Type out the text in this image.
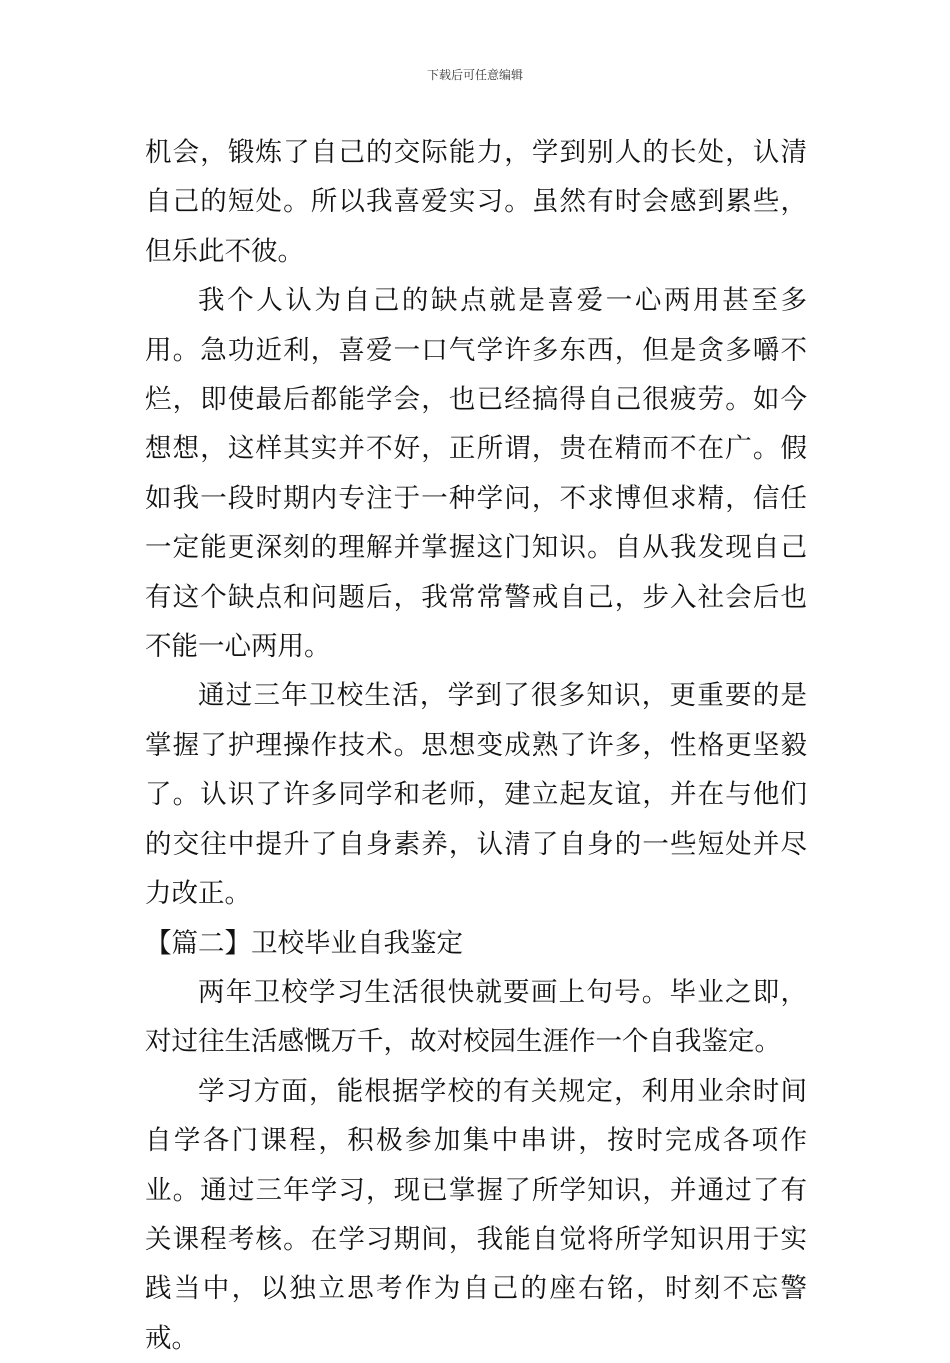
下载后可任意编辑

机会，锻炼了自己的交际能力，学到别人的长处，认清自己的短处。所以我喜爱实习。虽然有时会感到累些，但乐此不彼。

我个人认为自己的缺点就是喜爱一心两用甚至多用。急功近利，喜爱一口气学许多东西，但是贪多嚼不烂，即使最后都能学会，也已经搞得自己很疲劳。如今想想，这样其实并不好，正所谓，贵在精而不在广。假如我一段时期内专注于一种学问，不求博但求精，信任一定能更深刻的理解并掌握这门知识。自从我发现自己有这个缺点和问题后，我常常警戒自己，步入社会后也不能一心两用。

通过三年卫校生活，学到了很多知识，更重要的是掌握了护理操作技术。思想变成熟了许多，性格更坚毅了。认识了许多同学和老师，建立起友谊，并在与他们的交往中提升了自身素养，认清了自身的一些短处并尽力改正。

【篇二】卫校毕业自我鉴定

两年卫校学习生活很快就要画上句号。毕业之即，对过往生活感慨万千，故对校园生涯作一个自我鉴定。

学习方面，能根据学校的有关规定，利用业余时间自学各门课程，积极参加集中串讲，按时完成各项作业。通过三年学习，现已掌握了所学知识，并通过了有关课程考核。在学习期间，我能自觉将所学知识用于实践当中，以独立思考作为自己的座右铭，时刻不忘警戒。
